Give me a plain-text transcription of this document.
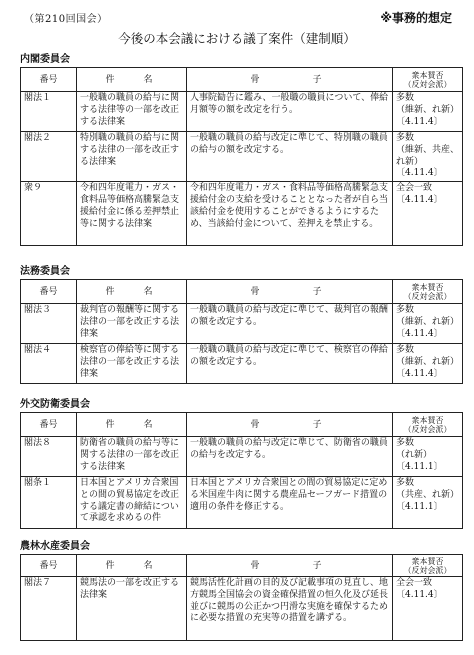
（第210回国会）	※事務的想定
今後の本会議における議了案件（建制順）
内閣委員会
番号	件　名	骨　子	衆本賛否
（反対会派）

閣法１	一般職の職員の給与に関する法律等の一部を改正する法律案	人事院勧告に鑑み、一般職の職員について、俸給月額等の額を改定を行う。	多数
（維新、れ新）
〔4.11.4〕

閣法２	特別職の職員の給与に関する法律の一部を改正する法律案	一般職の職員の給与改定に準じて、特別職の職員の給与の額を改定する。	多数
（維新、共産、れ新）
〔4.11.4〕

衆９	令和四年度電力・ガス・食料品等価格高騰緊急支援給付金に係る差押禁止等に関する法律案	令和四年度電力・ガス・食料品等価格高騰緊急支援給付金の支給を受けることとなった者が自ら当該給付金を使用することができるようにするため、当該給付金について、差押えを禁止する。	全会一致
〔4.11.4〕
法務委員会
番号	件　名	骨　子	衆本賛否
（反対会派）

閣法３	裁判官の報酬等に関する法律の一部を改正する法律案	一般職の職員の給与改定に準じて、裁判官の報酬の額を改定する。	多数
（維新、れ新）
〔4.11.4〕

閣法４	検察官の俸給等に関する法律の一部を改正する法律案	一般職の職員の給与改定に準じて、検察官の俸給の額を改定する。	多数
（維新、れ新）
〔4.11.4〕
外交防衛委員会
番号	件　名	骨　子	衆本賛否
（反対会派）

閣法８	防衛省の職員の給与等に関する法律の一部を改正する法律案	一般職の職員の給与改定に準じて、防衛省の職員の給与を改定する。	多数
（れ新）
〔4.11.1〕

閣条１	日本国とアメリカ合衆国との間の貿易協定を改正する議定書の締結について承認を求めるの件	日本国とアメリカ合衆国との間の貿易協定に定める米国産牛肉に関する農産品セーフガード措置の適用の条件を修正する。	多数
（共産、れ新）
〔4.11.1〕
農林水産委員会
番号	件　名	骨　子	衆本賛否
（反対会派）

閣法７	競馬法の一部を改正する法律案	競馬活性化計画の目的及び記載事項の見直し、地方競馬全国協会の資金確保措置の恒久化及び延長並びに競馬の公正かつ円滑な実施を確保するために必要な措置の充実等の措置を講ずる。	全会一致
〔4.11.4〕
